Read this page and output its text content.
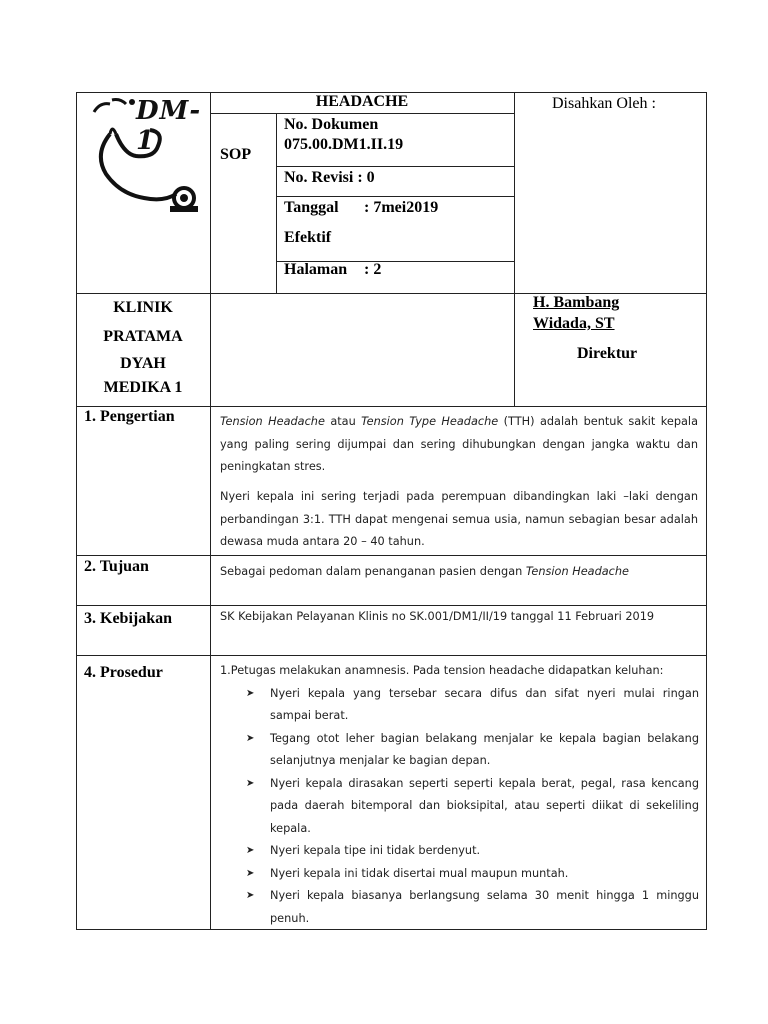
DM-1
HEADACHE
SOP
Disahkan Oleh :
No. Dokumen
075.00.DM1.II.19
No. Revisi : 0
Tanggal : 7mei2019
Efektif
Halaman : 2
KLINIK
PRATAMA
DYAH
MEDIKA 1
H. Bambang
Widada, ST
Direktur
1. Pengertian
2. Tujuan
3. Kebijakan
4. Prosedur
Tension Headache atau Tension Type Headache (TTH) adalah bentuk sakit kepala yang paling sering dijumpai dan sering dihubungkan dengan jangka waktu dan peningkatan stres.
Nyeri kepala ini sering terjadi pada perempuan dibandingkan laki –laki dengan perbandingan 3:1. TTH dapat mengenai semua usia, namun sebagian besar adalah dewasa muda antara 20 – 40 tahun.
Sebagai pedoman dalam penanganan pasien dengan Tension Headache
SK Kebijakan Pelayanan Klinis no SK.001/DM1/II/19 tanggal 11 Februari 2019
1.Petugas melakukan anamnesis. Pada tension headache didapatkan keluhan:
➤ Nyeri kepala yang tersebar secara difus dan sifat nyeri mulai ringan sampai berat.
➤ Tegang otot leher bagian belakang menjalar ke kepala bagian belakang selanjutnya menjalar ke bagian depan.
➤ Nyeri kepala dirasakan seperti seperti kepala berat, pegal, rasa kencang pada daerah bitemporal dan bioksipital, atau seperti diikat di sekeliling kepala.
➤ Nyeri kepala tipe ini tidak berdenyut.
➤ Nyeri kepala ini tidak disertai mual maupun muntah.
➤ Nyeri kepala biasanya berlangsung selama 30 menit hingga 1 minggu penuh.
